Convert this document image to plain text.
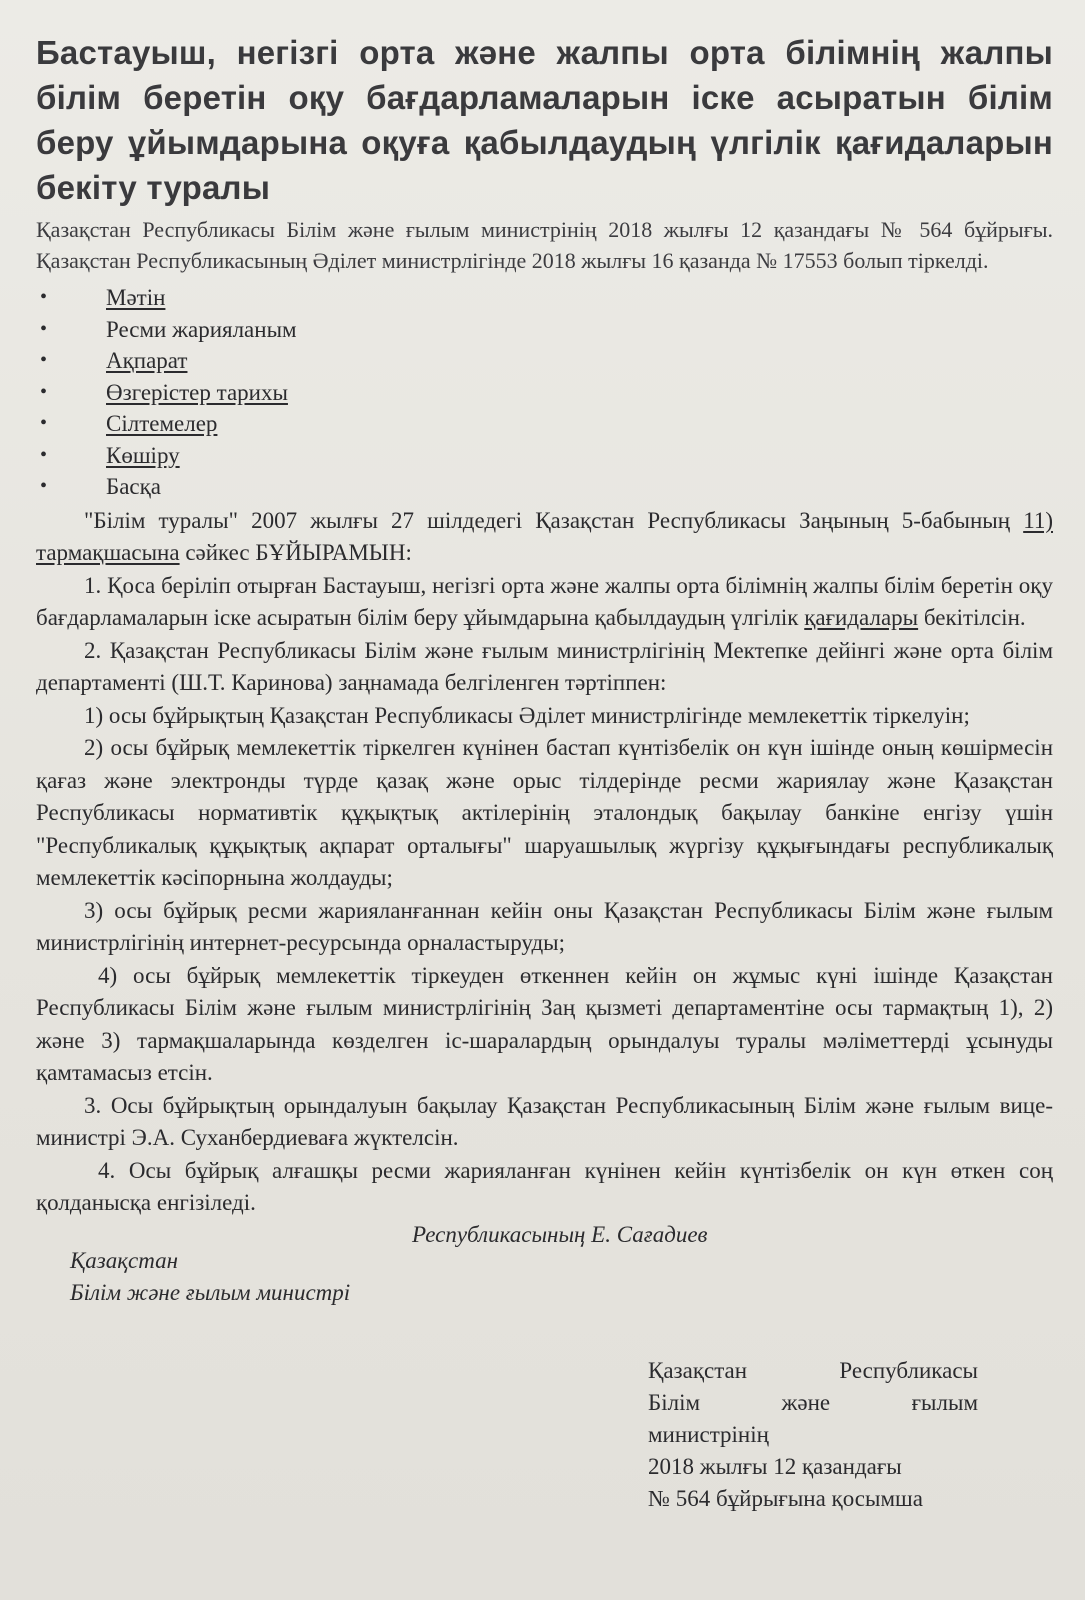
Бастауыш, негізгі орта және жалпы орта білімнің жалпы білім беретін оқу бағдарламаларын іске асыратын білім беру ұйымдарына оқуға қабылдаудың үлгілік қағидаларын бекіту туралы

Қазақстан Республикасы Білім және ғылым министрінің 2018 жылғы 12 қазандағы № 564 бұйрығы. Қазақстан Республикасының Әділет министрлігінде 2018 жылғы 16 қазанда № 17553 болып тіркелді.

•	Мәтін
•	Ресми жарияланым
•	Ақпарат
•	Өзгерістер тарихы
•	Сілтемелер
•	Көшіру
•	Басқа

"Білім туралы" 2007 жылғы 27 шілдедегі Қазақстан Республикасы Заңының 5-бабының 11) тармақшасына сәйкес БҰЙЫРАМЫН:

1. Қоса беріліп отырған Бастауыш, негізгі орта және жалпы орта білімнің жалпы білім беретін оқу бағдарламаларын іске асыратын білім беру ұйымдарына қабылдаудың үлгілік қағидалары бекітілсін.

2. Қазақстан Республикасы Білім және ғылым министрлігінің Мектепке дейінгі және орта білім департаменті (Ш.Т. Каринова) заңнамада белгіленген тәртіппен:

1) осы бұйрықтың Қазақстан Республикасы Әділет министрлігінде мемлекеттік тіркелуін;

2) осы бұйрық мемлекеттік тіркелген күнінен бастап күнтізбелік он күн ішінде оның көшірмесін қағаз және электронды түрде қазақ және орыс тілдерінде ресми жариялау және Қазақстан Республикасы нормативтік құқықтық актілерінің эталондық бақылау банкіне енгізу үшін "Республикалық құқықтық ақпарат орталығы" шаруашылық жүргізу құқығындағы республикалық мемлекеттік кәсіпорнына жолдауды;

3) осы бұйрық ресми жарияланғаннан кейін оны Қазақстан Республикасы Білім және ғылым министрлігінің интернет-ресурсында орналастыруды;

4) осы бұйрық мемлекеттік тіркеуден өткеннен кейін он жұмыс күні ішінде Қазақстан Республикасы Білім және ғылым министрлігінің Заң қызметі департаментіне осы тармақтың 1), 2) және 3) тармақшаларында көзделген іс-шаралардың орындалуы туралы мәліметтерді ұсынуды қамтамасыз етсін.

3. Осы бұйрықтың орындалуын бақылау Қазақстан Республикасының Білім және ғылым вице-министрі Э.А. Суханбердиеваға жүктелсін.

4. Осы бұйрық алғашқы ресми жарияланған күнінен кейін күнтізбелік он күн өткен соң қолданысқа енгізіледі.

Республикасының Е. Сағадиев
Қазақстан
Білім және ғылым министрі
Қазақстан	Республикасы
Білім	және	ғылым
министрінің
2018 жылғы 12 қазандағы
№ 564 бұйрығына қосымша
